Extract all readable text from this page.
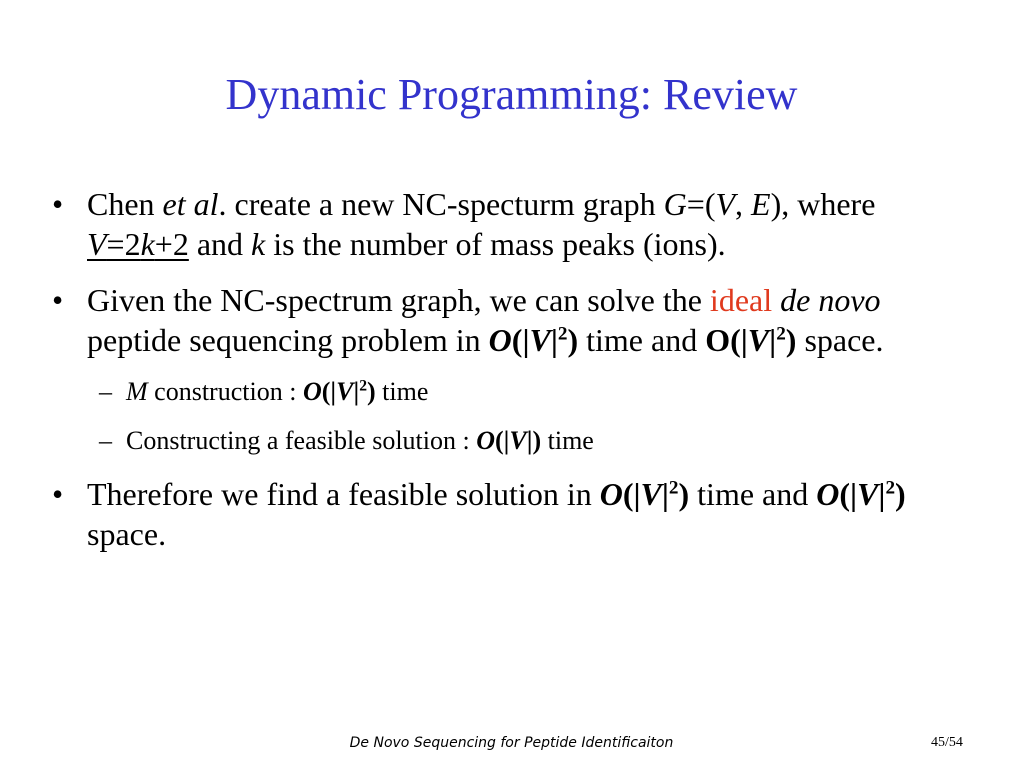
Dynamic Programming: Review
• Chen et al. create a new NC-specturm graph G=(V, E), where V=2k+2 and k is the number of mass peaks (ions).
• Given the NC-spectrum graph, we can solve the ideal de novo peptide sequencing problem in $O(|V|^2)$ time and $O(|V|^2)$ space.
– M construction : $O(|V|^2)$ time
– Constructing a feasible solution : O(|V|) time
• Therefore we find a feasible solution in $O(|V|^2)$ time and $O(|V|^2)$ space.
De Novo Sequencing for Peptide Identificaiton	45/54
